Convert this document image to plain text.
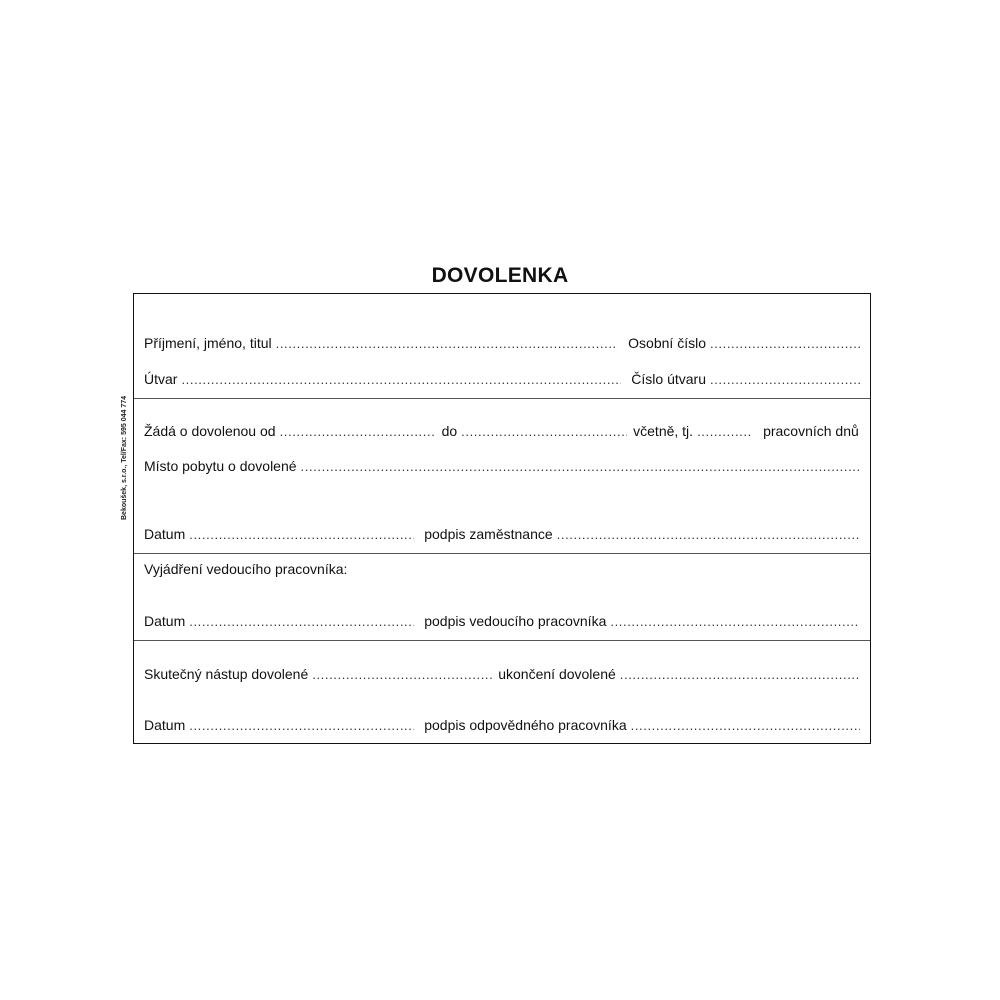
DOVOLENKA
Bekoušek, s.r.o., Tel/Fax: 595 044 774
Příjmení, jméno, titul .....	Osobní číslo
.....
Útvar .....	Číslo útvaru
.....
Žádá o dovolenou od .....	do .....	včetně, tj. .....	pracovních dnů
Místo pobytu o dovolené
.....
Datum .....	podpis zaměstnance
.....
Vyjádření vedoucího pracovníka:
Datum .....	podpis vedoucího pracovníka
.....
Skutečný nástup dovolené .....	ukončení dovolené
.....
Datum .....	podpis odpovědného pracovníka
.....
